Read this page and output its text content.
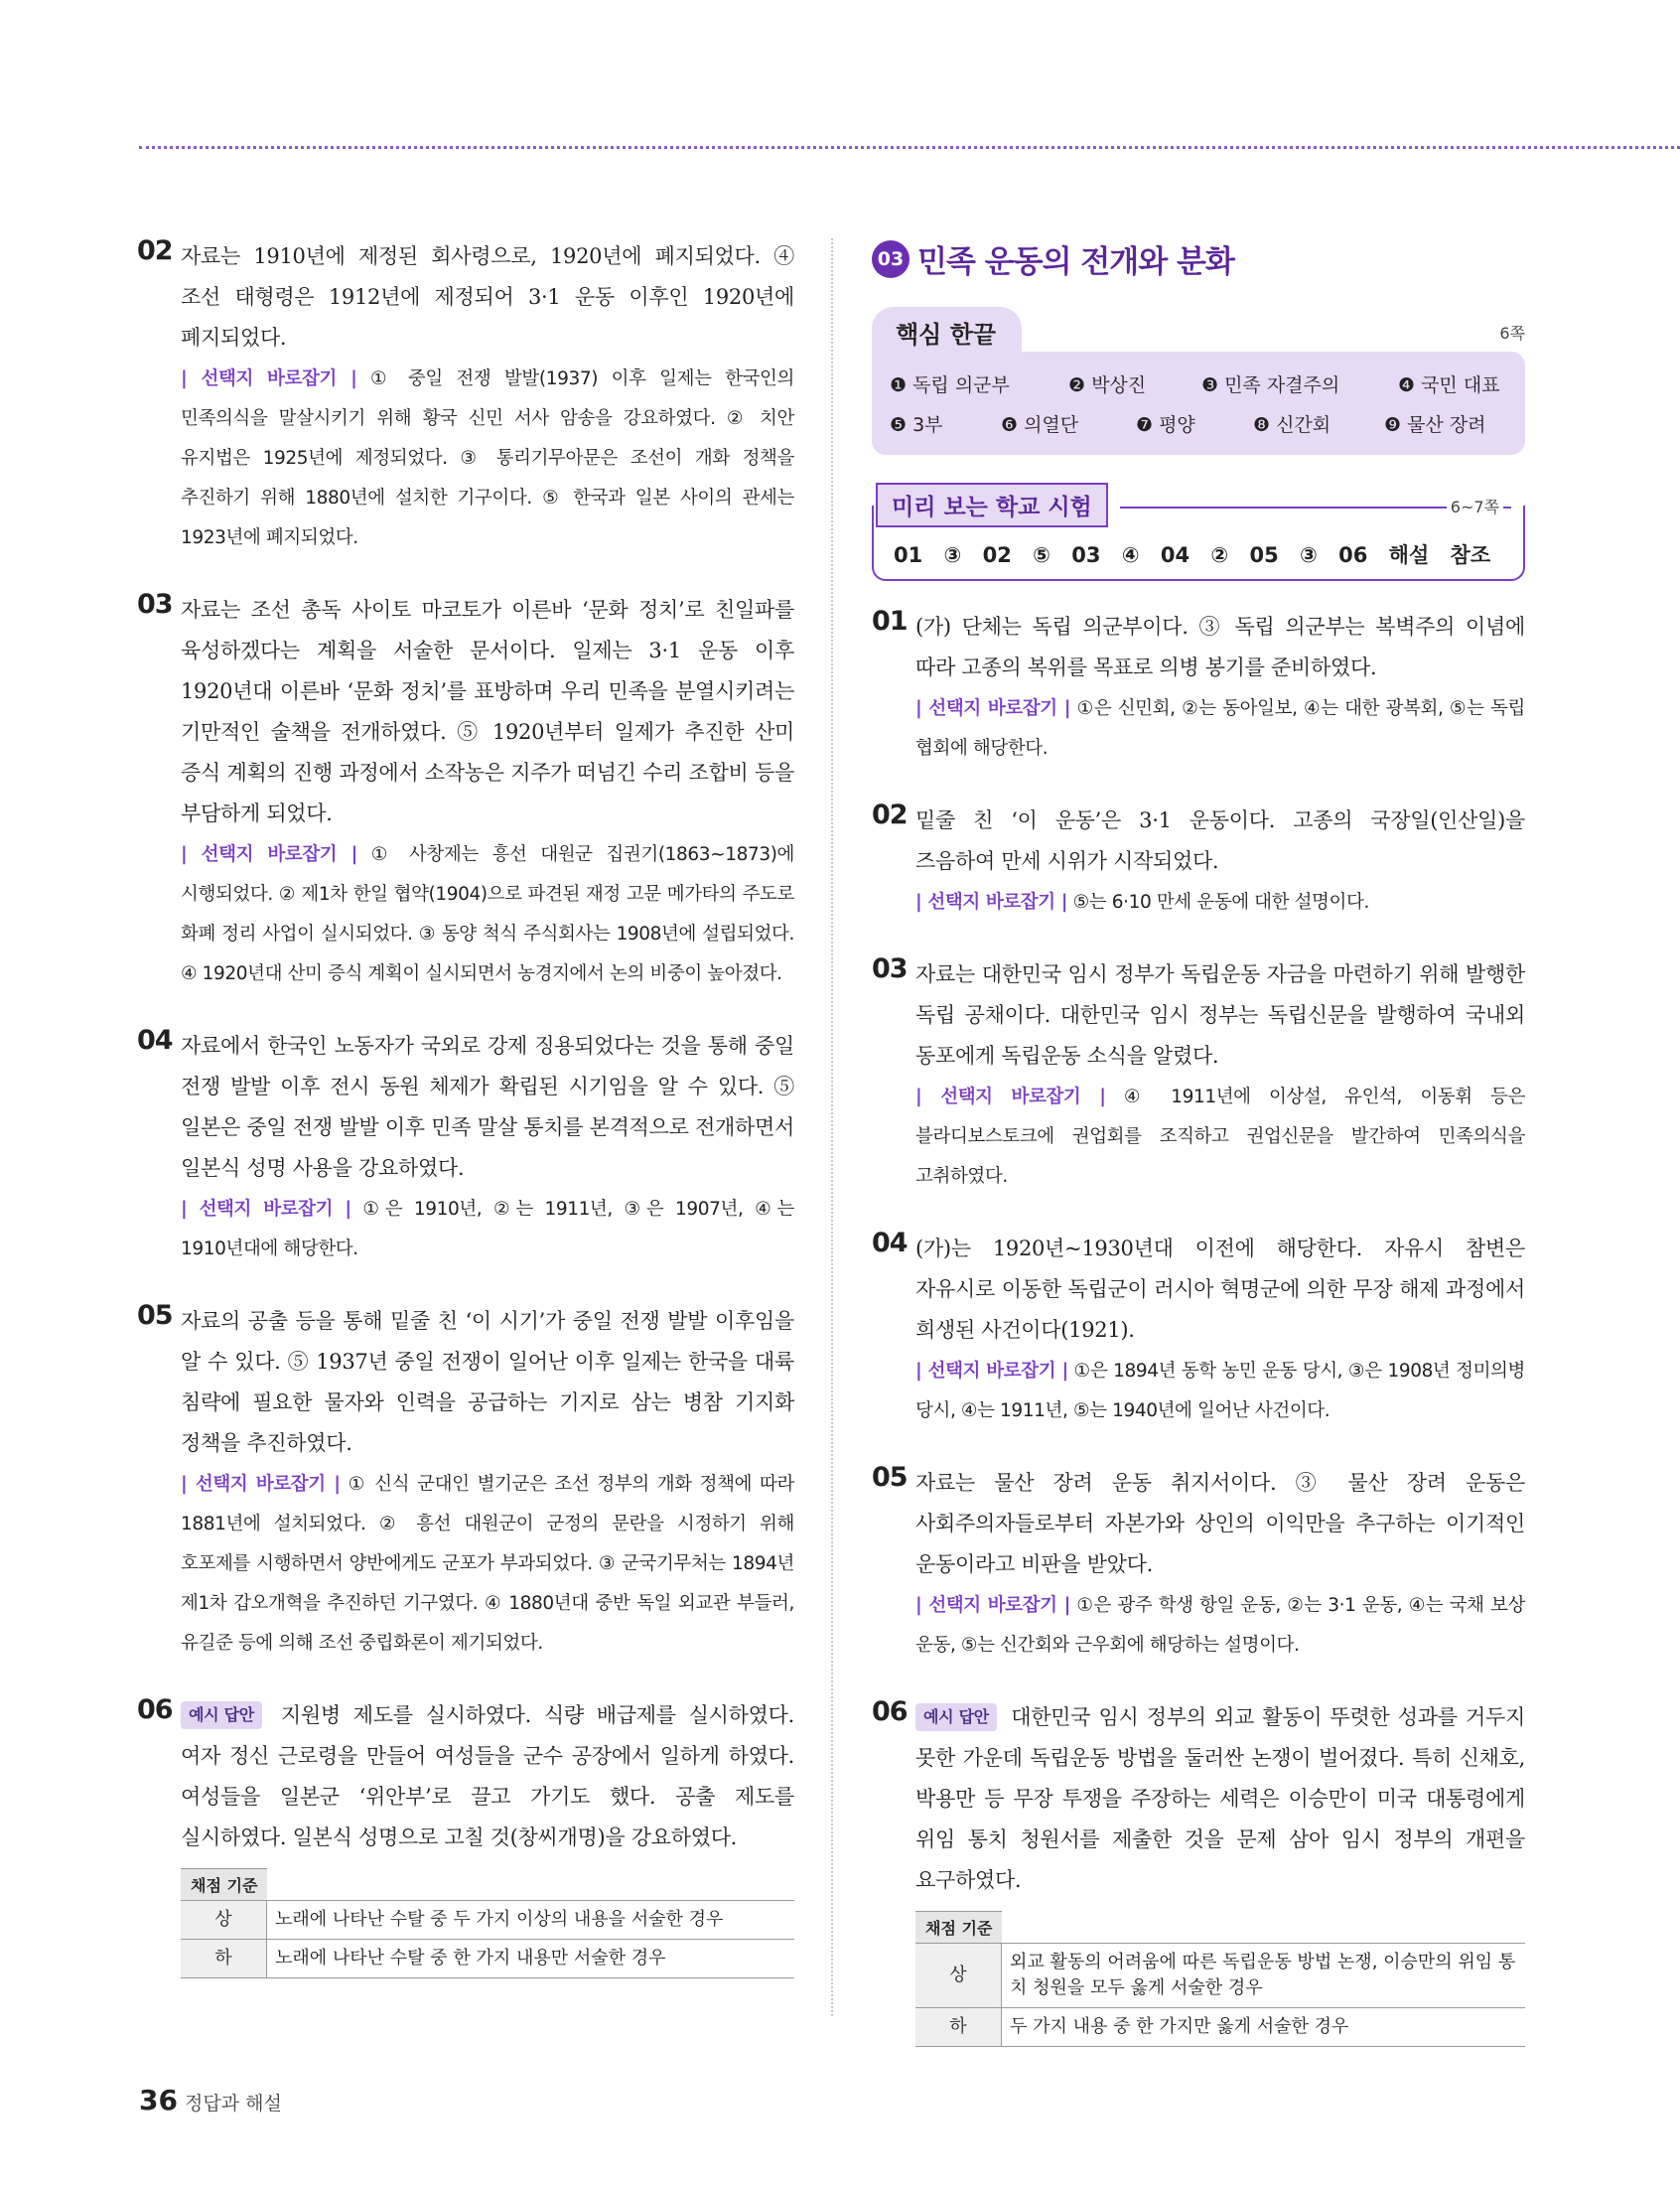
02 자료는 1910년에 제정된 회사령으로, 1920년에 폐지되었다. ④ 조선 태형령은 1912년에 제정되어 3·1 운동 이후인 1920년에 폐지되었다.
| 선택지 바로잡기 | ① 중일 전쟁 발발(1937) 이후 일제는 한국인의 민족의식을 말살시키기 위해 황국 신민 서사 암송을 강요하였다. ② 치안 유지법은 1925년에 제정되었다. ③ 통리기무아문은 조선이 개화 정책을 추진하기 위해 1880년에 설치한 기구이다. ⑤ 한국과 일본 사이의 관세는 1923년에 폐지되었다.
03 자료는 조선 총독 사이토 마코토가 이른바 ‘문화 정치’로 친일파를 육성하겠다는 계획을 서술한 문서이다. 일제는 3·1 운동 이후 1920년대 이른바 ‘문화 정치’를 표방하며 우리 민족을 분열시키려는 기만적인 술책을 전개하였다. ⑤ 1920년부터 일제가 추진한 산미 증식 계획의 진행 과정에서 소작농은 지주가 떠넘긴 수리 조합비 등을 부담하게 되었다.
| 선택지 바로잡기 | ① 사창제는 흥선 대원군 집권기(1863~1873)에 시행되었다. ② 제1차 한일 협약(1904)으로 파견된 재정 고문 메가타의 주도로 화폐 정리 사업이 실시되었다. ③ 동양 척식 주식회사는 1908년에 설립되었다. ④ 1920년대 산미 증식 계획이 실시되면서 농경지에서 논의 비중이 높아졌다.
04 자료에서 한국인 노동자가 국외로 강제 징용되었다는 것을 통해 중일 전쟁 발발 이후 전시 동원 체제가 확립된 시기임을 알 수 있다. ⑤ 일본은 중일 전쟁 발발 이후 민족 말살 통치를 본격적으로 전개하면서 일본식 성명 사용을 강요하였다.
| 선택지 바로잡기 | ①은 1910년, ②는 1911년, ③은 1907년, ④는 1910년대에 해당한다.
05 자료의 공출 등을 통해 밑줄 친 ‘이 시기’가 중일 전쟁 발발 이후임을 알 수 있다. ⑤ 1937년 중일 전쟁이 일어난 이후 일제는 한국을 대륙 침략에 필요한 물자와 인력을 공급하는 기지로 삼는 병참 기지화 정책을 추진하였다.
| 선택지 바로잡기 | ① 신식 군대인 별기군은 조선 정부의 개화 정책에 따라 1881년에 설치되었다. ② 흥선 대원군이 군정의 문란을 시정하기 위해 호포제를 시행하면서 양반에게도 군포가 부과되었다. ③ 군국기무처는 1894년 제1차 갑오개혁을 추진하던 기구였다. ④ 1880년대 중반 독일 외교관 부들러, 유길준 등에 의해 조선 중립화론이 제기되었다.
06	예시 답안 지원병 제도를 실시하였다. 식량 배급제를 실시하였다. 여자 정신 근로령을 만들어 여성들을 군수 공장에서 일하게 하였다. 여성들을 일본군 ‘위안부’로 끌고 가기도 했다. 공출 제도를 실시하였다. 일본식 성명으로 고칠 것(창씨개명)을 강요하였다.
채점 기준
상	노래에 나타난 수탈 중 두 가지 이상의 내용을 서술한 경우
하	노래에 나타난 수탈 중 한 가지 내용만 서술한 경우
03 민족 운동의 전개와 분화
핵심 한끝	6쪽
❶ 독립 의군부	❷ 박상진	❸ 민족 자결주의	❹ 국민 대표
❺ 3부	❻ 의열단	❼ 평양	❽ 신간회	❾ 물산 장려
미리 보는 학교 시험	6~7쪽
01 ③ 02 ⑤ 03 ④ 04 ② 05 ③ 06 해설 참조
01 (가) 단체는 독립 의군부이다. ③ 독립 의군부는 복벽주의 이념에 따라 고종의 복위를 목표로 의병 봉기를 준비하였다.
| 선택지 바로잡기 | ①은 신민회, ②는 동아일보, ④는 대한 광복회, ⑤는 독립 협회에 해당한다.
02 밑줄 친 ‘이 운동’은 3·1 운동이다. 고종의 국장일(인산일)을 즈음하여 만세 시위가 시작되었다.
| 선택지 바로잡기 | ⑤는 6·10 만세 운동에 대한 설명이다.
03 자료는 대한민국 임시 정부가 독립운동 자금을 마련하기 위해 발행한 독립 공채이다. 대한민국 임시 정부는 독립신문을 발행하여 국내외 동포에게 독립운동 소식을 알렸다.
| 선택지 바로잡기 | ④ 1911년에 이상설, 유인석, 이동휘 등은 블라디보스토크에 권업회를 조직하고 권업신문을 발간하여 민족의식을 고취하였다.
04 (가)는 1920년~1930년대 이전에 해당한다. 자유시 참변은 자유시로 이동한 독립군이 러시아 혁명군에 의한 무장 해제 과정에서 희생된 사건이다(1921).
| 선택지 바로잡기 | ①은 1894년 동학 농민 운동 당시, ③은 1908년 정미의병 당시, ④는 1911년, ⑤는 1940년에 일어난 사건이다.
05 자료는 물산 장려 운동 취지서이다. ③ 물산 장려 운동은 사회주의자들로부터 자본가와 상인의 이익만을 추구하는 이기적인 운동이라고 비판을 받았다.
| 선택지 바로잡기 | ①은 광주 학생 항일 운동, ②는 3·1 운동, ④는 국채 보상 운동, ⑤는 신간회와 근우회에 해당하는 설명이다.
06	예시 답안 대한민국 임시 정부의 외교 활동이 뚜렷한 성과를 거두지 못한 가운데 독립운동 방법을 둘러싼 논쟁이 벌어졌다. 특히 신채호, 박용만 등 무장 투쟁을 주장하는 세력은 이승만이 미국 대통령에게 위임 통치 청원서를 제출한 것을 문제 삼아 임시 정부의 개편을 요구하였다.
채점 기준
상	외교 활동의 어려움에 따른 독립운동 방법 논쟁, 이승만의 위임 통치 청원을 모두 옳게 서술한 경우
하	두 가지 내용 중 한 가지만 옳게 서술한 경우
36 정답과 해설
